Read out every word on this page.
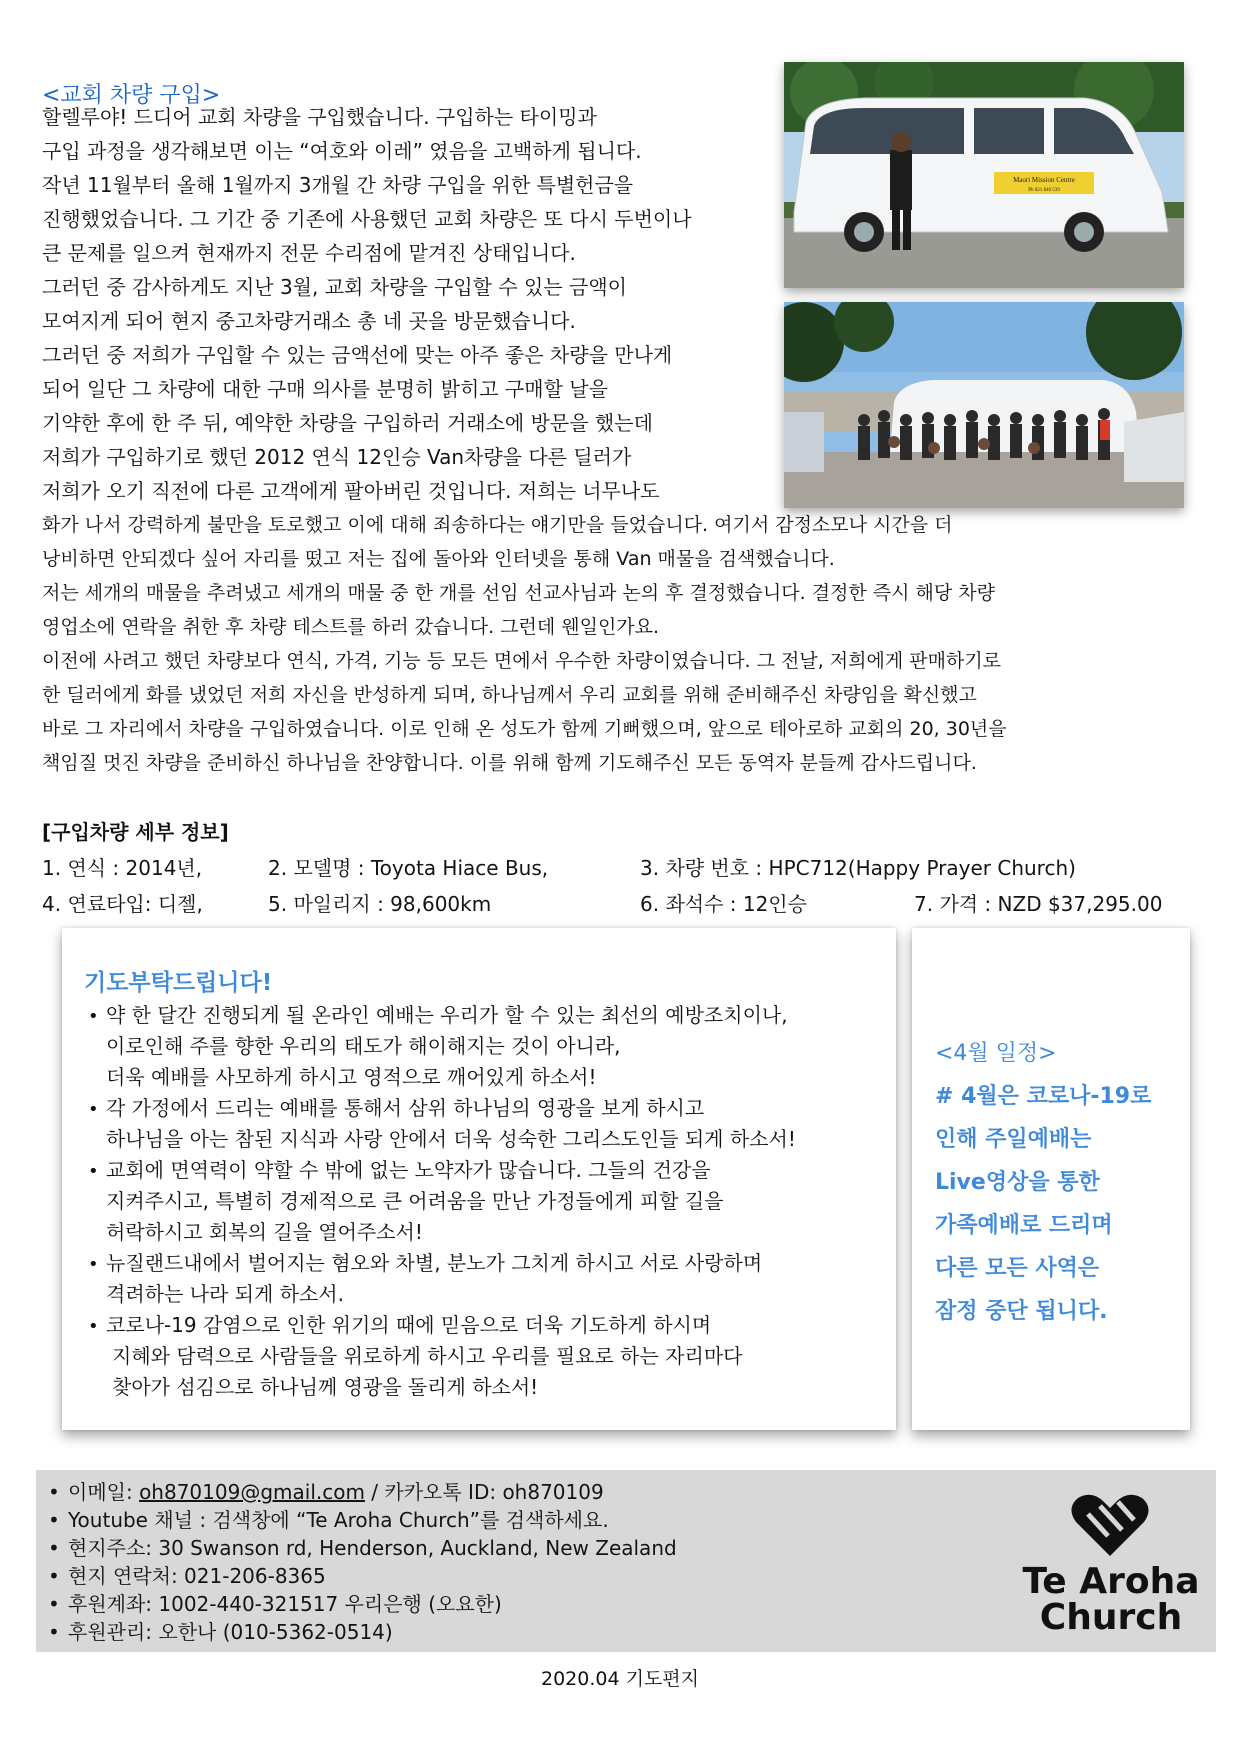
<교회 차량 구입>
할렐루야! 드디어 교회 차량을 구입했습니다. 구입하는 타이밍과
구입 과정을 생각해보면 이는 “여호와 이레” 였음을 고백하게 됩니다.
작년 11월부터 올해 1월까지 3개월 간 차량 구입을 위한 특별헌금을
진행했었습니다. 그 기간 중 기존에 사용했던 교회 차량은 또 다시 두번이나
큰 문제를 일으켜 현재까지 전문 수리점에 맡겨진 상태입니다.
그러던 중 감사하게도 지난 3월, 교회 차량을 구입할 수 있는 금액이
모여지게 되어 현지 중고차량거래소 총 네 곳을 방문했습니다.
그러던 중 저희가 구입할 수 있는 금액선에 맞는 아주 좋은 차량을 만나게
되어 일단 그 차량에 대한 구매 의사를 분명히 밝히고 구매할 날을
기약한 후에 한 주 뒤, 예약한 차량을 구입하러 거래소에 방문을 했는데
저희가 구입하기로 했던 2012 연식 12인승 Van차량을 다른 딜러가
저희가 오기 직전에 다른 고객에게 팔아버린 것입니다. 저희는 너무나도
화가 나서 강력하게 불만을 토로했고 이에 대해 죄송하다는 얘기만을 들었습니다. 여기서 감정소모나 시간을 더
낭비하면 안되겠다 싶어 자리를 떴고 저는 집에 돌아와 인터넷을 통해 Van 매물을 검색했습니다.
저는 세개의 매물을 추려냈고 세개의 매물 중 한 개를 선임 선교사님과 논의 후 결정했습니다. 결정한 즉시 해당 차량
영업소에 연락을 취한 후 차량 테스트를 하러 갔습니다. 그런데 웬일인가요.
이전에 사려고 했던 차량보다 연식, 가격, 기능 등 모든 면에서 우수한 차량이였습니다. 그 전날, 저희에게 판매하기로
한 딜러에게 화를 냈었던 저희 자신을 반성하게 되며, 하나님께서 우리 교회를 위해 준비해주신 차량임을 확신했고
바로 그 자리에서 차량을 구입하였습니다. 이로 인해 온 성도가 함께 기뻐했으며, 앞으로 테아로하 교회의 20, 30년을
책임질 멋진 차량을 준비하신 하나님을 찬양합니다. 이를 위해 함께 기도해주신 모든 동역자 분들께 감사드립니다.
Maori Mission Centre
Ph 021 840 539
[구입차량 세부 정보]
1. 연식 : 2014년,	2. 모델명 : Toyota Hiace Bus,	3. 차량 번호 : HPC712(Happy Prayer Church)
4. 연료타입: 디젤,	5. 마일리지 : 98,600km	6. 좌석수 : 12인승	7. 가격 : NZD $37,295.00
기도부탁드립니다!
• 약 한 달간 진행되게 될 온라인 예배는 우리가 할 수 있는 최선의 예방조치이나,
이로인해 주를 향한 우리의 태도가 해이해지는 것이 아니라,
더욱 예배를 사모하게 하시고 영적으로 깨어있게 하소서!
• 각 가정에서 드리는 예배를 통해서 삼위 하나님의 영광을 보게 하시고
하나님을 아는 참된 지식과 사랑 안에서 더욱 성숙한 그리스도인들 되게 하소서!
• 교회에 면역력이 약할 수 밖에 없는 노약자가 많습니다. 그들의 건강을
지켜주시고, 특별히 경제적으로 큰 어려움을 만난 가정들에게 피할 길을
허락하시고 회복의 길을 열어주소서!
• 뉴질랜드내에서 벌어지는 혐오와 차별, 분노가 그치게 하시고 서로 사랑하며
격려하는 나라 되게 하소서.
• 코로나-19 감염으로 인한 위기의 때에 믿음으로 더욱 기도하게 하시며
지혜와 담력으로 사람들을 위로하게 하시고 우리를 필요로 하는 자리마다
찾아가 섬김으로 하나님께 영광을 돌리게 하소서!
<4월 일정>
# 4월은 코로나-19로
인해 주일예배는
Live영상을 통한
가족예배로 드리며
다른 모든 사역은
잠정 중단 됩니다.
• 이메일: oh870109@gmail.com / 카카오톡 ID: oh870109
• Youtube 채널 : 검색창에 “Te Aroha Church”를 검색하세요.
• 현지주소: 30 Swanson rd, Henderson, Auckland, New Zealand
• 현지 연락처: 021-206-8365
• 후원계좌: 1002-440-321517 우리은행 (오요한)
• 후원관리: 오한나 (010-5362-0514)
Te Aroha
Church
2020.04 기도편지
